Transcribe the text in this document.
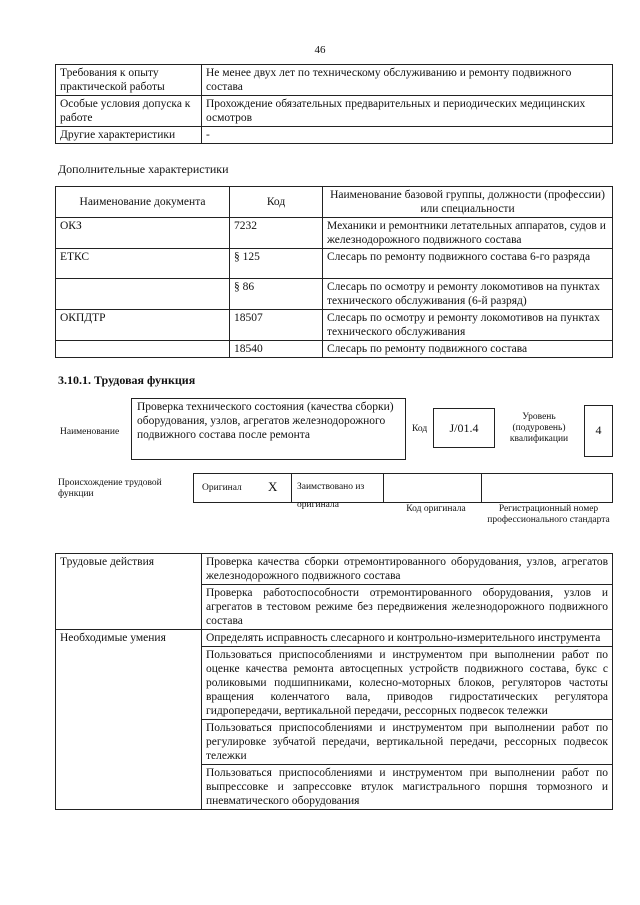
46
Требования к опыту практической работы	Не менее двух лет по техническому обслуживанию и ремонту подвижного состава
Особые условия допуска к работе	Прохождение обязательных предварительных и периодических медицинских осмотров
Другие характеристики	-
Дополнительные характеристики
Наименование документа	Код	Наименование базовой группы, должности (профессии) или специальности
ОКЗ	7232	Механики и ремонтники летательных аппаратов, судов и железнодорожного подвижного состава
ЕТКС	§ 125	Слесарь по ремонту подвижного состава 6-го разряда
	§ 86	Слесарь по осмотру и ремонту локомотивов на пунктах технического обслуживания (6-й разряд)
ОКПДТР	18507	Слесарь по осмотру и ремонту локомотивов на пунктах технического обслуживания
	18540	Слесарь по ремонту подвижного состава
3.10.1. Трудовая функция
Наименование
Проверка технического состояния (качества сборки) оборудования, узлов, агрегатов железнодорожного подвижного состава после ремонта	Код	J/01.4
Уровень (подуровень) квалификации
4
Происхождение трудовой функции
Оригинал X	Заимствовано из оригинала	Код оригинала	Регистрационный номер профессионального стандарта
Трудовые действия	Проверка качества сборки отремонтированного оборудования, узлов, агрегатов железнодорожного подвижного состава
	Проверка работоспособности отремонтированного оборудования, узлов и агрегатов в тестовом режиме без передвижения железнодорожного подвижного состава
Необходимые умения	Определять исправность слесарного и контрольно-измерительного инструмента
	Пользоваться приспособлениями и инструментом при выполнении работ по оценке качества ремонта автосцепных устройств подвижного состава, букс с роликовыми подшипниками, колесно-моторных блоков, регуляторов частоты вращения коленчатого вала, приводов гидростатических регулятора гидропередачи, вертикальной передачи, рессорных подвесок тележки
	Пользоваться приспособлениями и инструментом при выполнении работ по регулировке зубчатой передачи, вертикальной передачи, рессорных подвесок тележки
	Пользоваться приспособлениями и инструментом при выполнении работ по выпрессовке и запрессовке втулок магистрального поршня тормозного и пневматического оборудования
